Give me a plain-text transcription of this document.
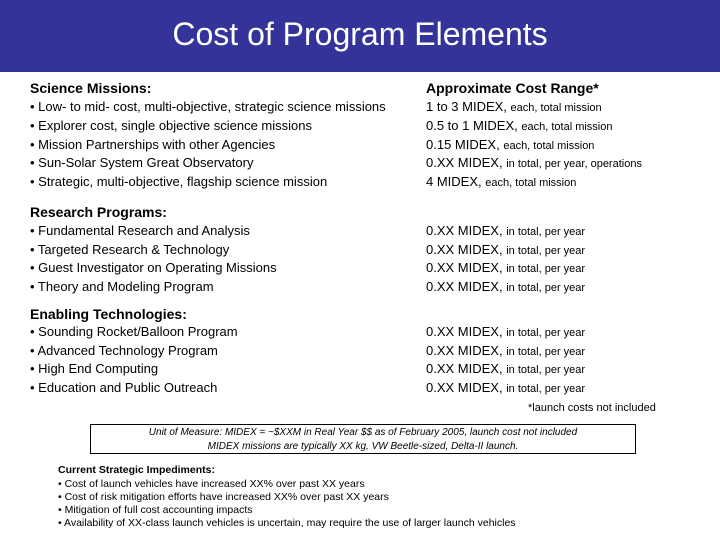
Cost of Program Elements
Science Missions:	Approximate Cost Range*
• Low- to mid- cost, multi-objective, strategic science missions
• Explorer cost, single objective science missions
• Mission Partnerships with other Agencies
• Sun-Solar System Great Observatory
• Strategic, multi-objective, flagship science mission
1 to 3 MIDEX, each, total mission
0.5 to 1 MIDEX, each, total mission
0.15 MIDEX, each, total mission
0.XX MIDEX, in total, per year, operations
4 MIDEX, each, total mission
Research Programs:
• Fundamental Research and Analysis
• Targeted Research & Technology
• Guest Investigator on Operating Missions
• Theory and Modeling Program
0.XX MIDEX, in total, per year
0.XX MIDEX, in total, per year
0.XX MIDEX, in total, per year
0.XX MIDEX, in total, per year
Enabling Technologies:
• Sounding Rocket/Balloon Program
• Advanced Technology Program
• High End Computing
• Education and Public Outreach
0.XX MIDEX, in total, per year
0.XX MIDEX, in total, per year
0.XX MIDEX, in total, per year
0.XX MIDEX, in total, per year
*launch costs not included
Unit of Measure: MIDEX = ~$XXM in Real Year $$ as of February 2005, launch cost not included
MIDEX missions are typically XX kg, VW Beetle-sized, Delta-II launch.
Current Strategic Impediments:
• Cost of launch vehicles have increased XX% over past XX years
• Cost of risk mitigation efforts have increased XX% over past XX years
• Mitigation of full cost accounting impacts
• Availability of XX-class launch vehicles is uncertain, may require the use of larger launch vehicles
